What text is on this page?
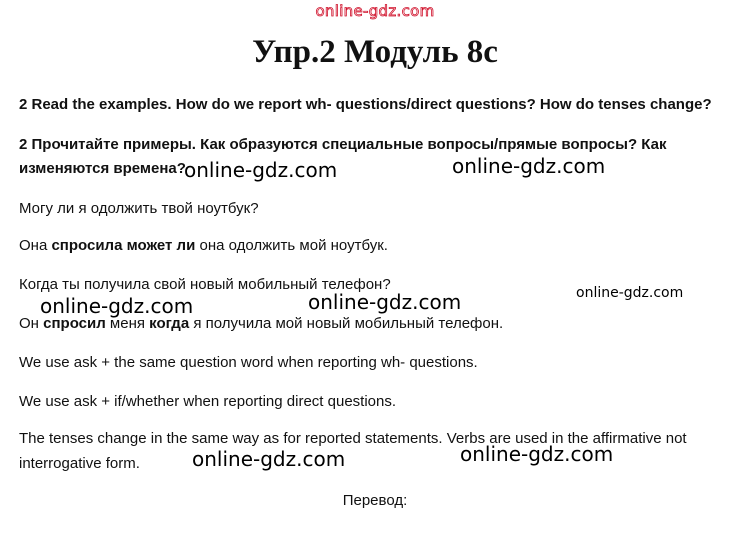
online-gdz.com
Упр.2 Модуль 8с

2 Read the examples. How do we report wh- questions/direct questions? How do tenses change?

2 Прочитайте примеры. Как образуются специальные вопросы/прямые вопросы? Как

изменяются времена?

Могу ли я одолжить твой ноутбук?

Она спросила может ли она одолжить мой ноутбук.

Когда ты получила свой новый мобильный телефон?

Он спросил меня когда я получила мой новый мобильный телефон.

We use ask + the same question word when reporting wh- questions.

We use ask + if/whether when reporting direct questions.

The tenses change in the same way as for reported statements. Verbs are used in the affirmative not

interrogative form.

Перевод:
online-gdz.com	online-gdz.com
online-gdz.com	online-gdz.com	online-gdz.com
online-gdz.com	online-gdz.com
